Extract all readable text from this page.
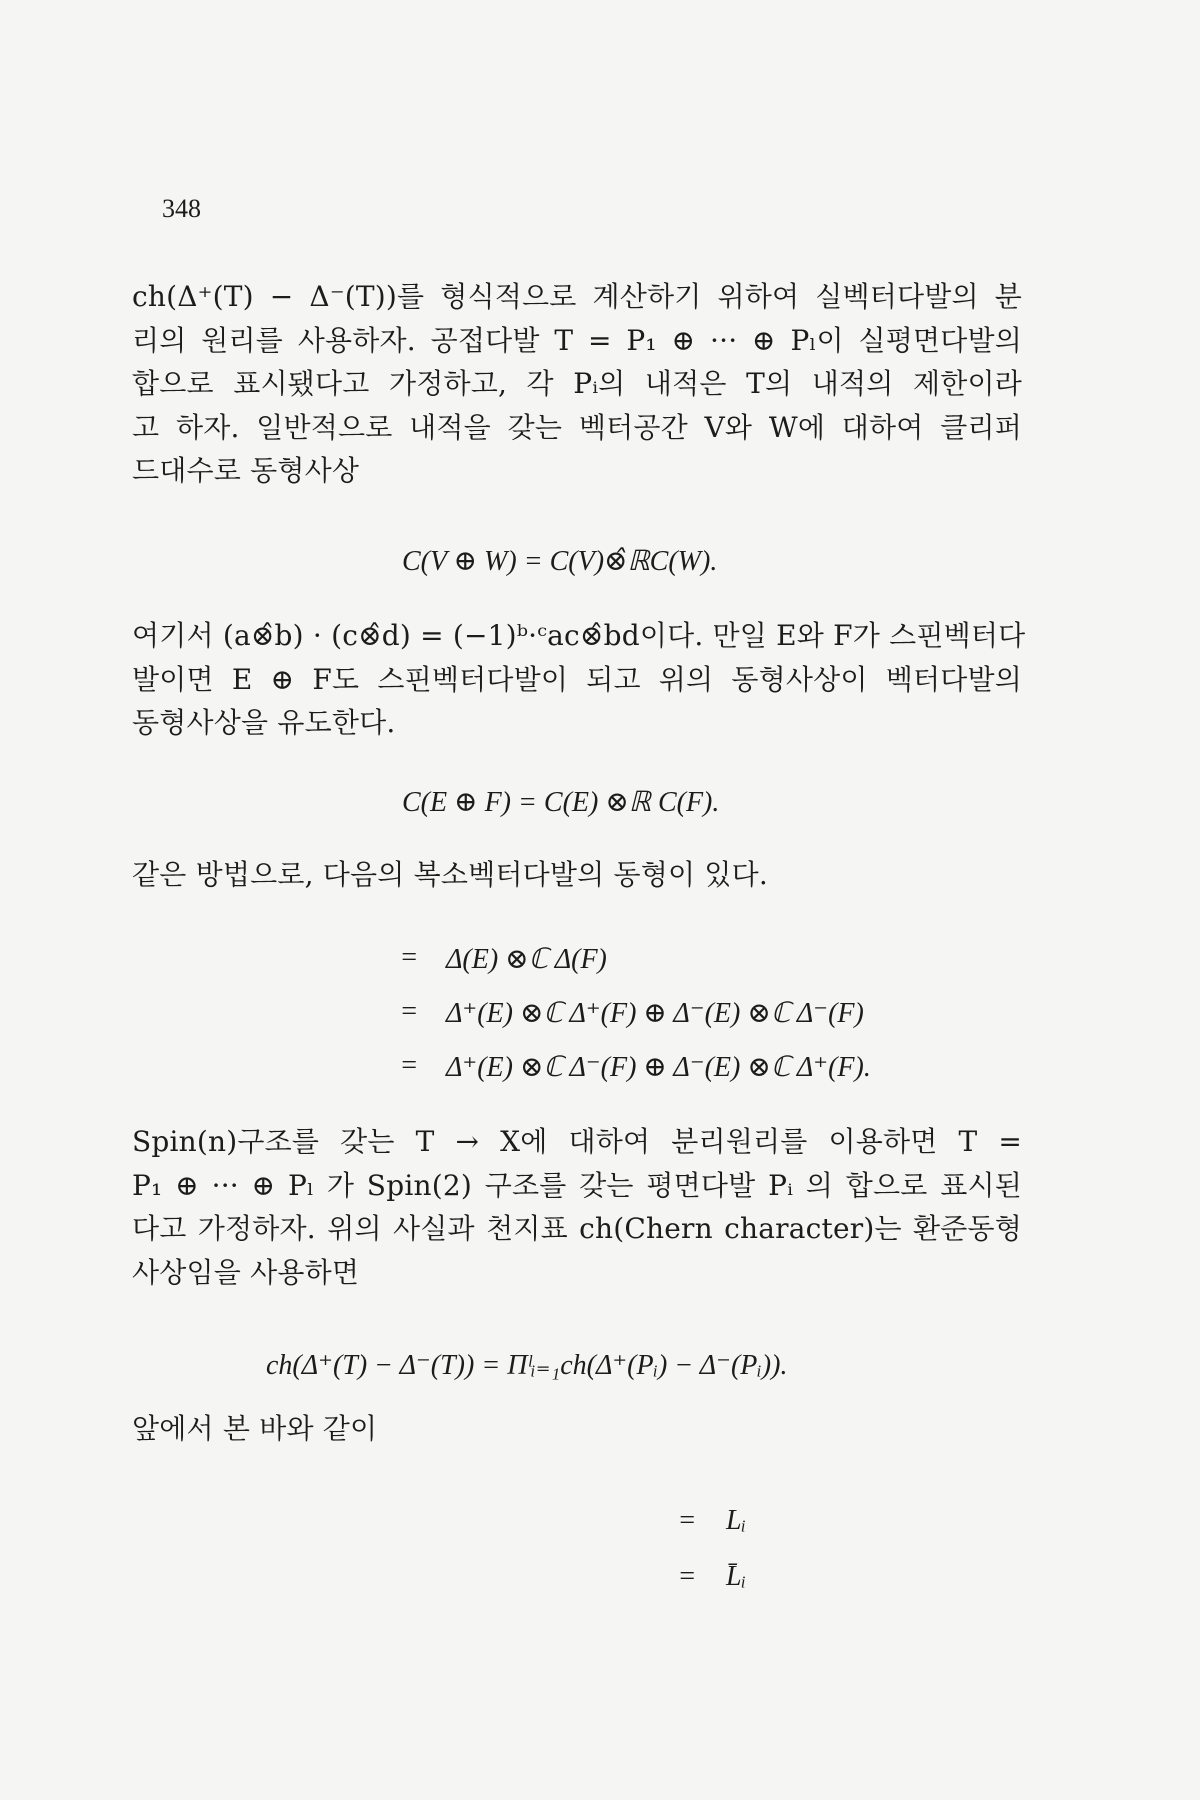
348
ch(Δ⁺(T) − Δ⁻(T))를 형식적으로 계산하기 위하여 실벡터다발의 분
리의 원리를 사용하자. 공접다발 T = P₁ ⊕ ··· ⊕ Pₗ이 실평면다발의
합으로 표시됐다고 가정하고, 각 Pᵢ의 내적은 T의 내적의 제한이라
고 하자. 일반적으로 내적을 갖는 벡터공간 V와 W에 대하여 클리퍼
드대수로 동형사상
C(V ⊕ W) = C(V)⊗̂ℝC(W).
여기서 (a⊗̂b) · (c⊗̂d) = (−1)ᵇ·ᶜac⊗̂bd이다. 만일 E와 F가 스핀벡터다
발이면 E ⊕ F도 스핀벡터다발이 되고 위의 동형사상이 벡터다발의
동형사상을 유도한다.
C(E ⊕ F) = C(E) ⊗ℝ C(F).
같은 방법으로, 다음의 복소벡터다발의 동형이 있다.
= Δ(E) ⊗ℂ Δ(F)
= Δ⁺(E) ⊗ℂ Δ⁺(F) ⊕ Δ⁻(E) ⊗ℂ Δ⁻(F)
= Δ⁺(E) ⊗ℂ Δ⁻(F) ⊕ Δ⁻(E) ⊗ℂ Δ⁺(F).
Spin(n)구조를 갖는 T → X에 대하여 분리원리를 이용하면 T =
P₁ ⊕ ··· ⊕ Pₗ 가 Spin(2) 구조를 갖는 평면다발 Pᵢ 의 합으로 표시된
다고 가정하자. 위의 사실과 천지표 ch(Chern character)는 환준동형
사상임을 사용하면
ch(Δ⁺(T) − Δ⁻(T)) = Πˡᵢ₌₁ch(Δ⁺(Pᵢ) − Δ⁻(Pᵢ)).
앞에서 본 바와 같이
= Lᵢ
= L̄ᵢ
